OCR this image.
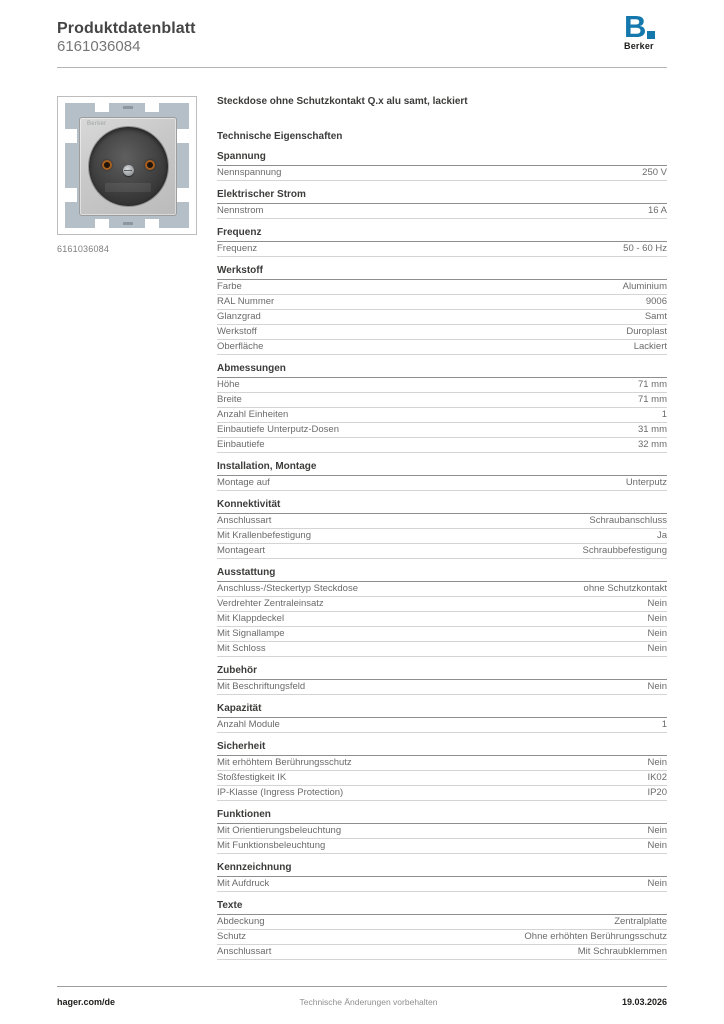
Produktdatenblatt
6161036084
B
Berker
Berker
6161036084
Steckdose ohne Schutzkontakt Q.x alu samt, lackiert
Technische Eigenschaften
Spannung
Nennspannung	250 V
Elektrischer Strom
Nennstrom	16 A
Frequenz
Frequenz	50 - 60 Hz
Werkstoff
Farbe	Aluminium
RAL Nummer	9006
Glanzgrad	Samt
Werkstoff	Duroplast
Oberfläche	Lackiert
Abmessungen
Höhe	71 mm
Breite	71 mm
Anzahl Einheiten	1
Einbautiefe Unterputz-Dosen	31 mm
Einbautiefe	32 mm
Installation, Montage
Montage auf	Unterputz
Konnektivität
Anschlussart	Schraubanschluss
Mit Krallenbefestigung	Ja
Montageart	Schraubbefestigung
Ausstattung
Anschluss-/Steckertyp Steckdose	ohne Schutzkontakt
Verdrehter Zentraleinsatz	Nein
Mit Klappdeckel	Nein
Mit Signallampe	Nein
Mit Schloss	Nein
Zubehör
Mit Beschriftungsfeld	Nein
Kapazität
Anzahl Module	1
Sicherheit
Mit erhöhtem Berührungsschutz	Nein
Stoßfestigkeit IK	IK02
IP-Klasse (Ingress Protection)	IP20
Funktionen
Mit Orientierungsbeleuchtung	Nein
Mit Funktionsbeleuchtung	Nein
Kennzeichnung
Mit Aufdruck	Nein
Texte
Abdeckung	Zentralplatte
Schutz	Ohne erhöhten Berührungsschutz
Anschlussart	Mit Schraubklemmen
hager.com/de	Technische Änderungen vorbehalten	19.03.2026
